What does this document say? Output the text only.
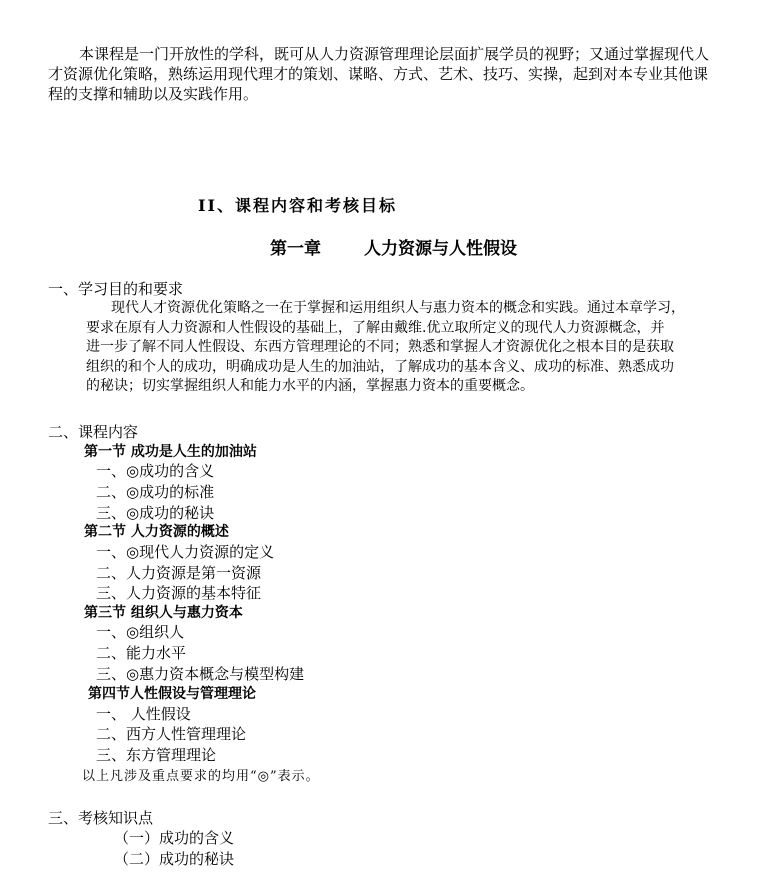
本课程是一门开放性的学科，既可从人力资源管理理论层面扩展学员的视野；又通过掌握现代人
才资源优化策略，熟练运用现代理才的策划、谋略、方式、艺术、技巧、实操，起到对本专业其他课
程的支撑和辅助以及实践作用。
II、课程内容和考核目标
第一章	人力资源与人性假设
一、学习目的和要求
现代人才资源优化策略之一在于掌握和运用组织人与惠力资本的概念和实践。通过本章学习，
要求在原有人力资源和人性假设的基础上，了解由戴维.优立取所定义的现代人力资源概念，并
进一步了解不同人性假设、东西方管理理论的不同；熟悉和掌握人才资源优化之根本目的是获取
组织的和个人的成功，明确成功是人生的加油站，了解成功的基本含义、成功的标准、熟悉成功
的秘诀；切实掌握组织人和能力水平的内涵，掌握惠力资本的重要概念。
二、课程内容
第一节 成功是人生的加油站
一、◎成功的含义
二、◎成功的标准
三、◎成功的秘诀
第二节 人力资源的概述
一、◎现代人力资源的定义
二、人力资源是第一资源
三、人力资源的基本特征
第三节 组织人与惠力资本
一、◎组织人
二、能力水平
三、◎惠力资本概念与模型构建
第四节人性假设与管理理论
一、 人性假设
二、西方人性管理理论
三、东方管理理论
以上凡涉及重点要求的均用“◎”表示。
三、考核知识点
（一）成功的含义
（二）成功的秘诀
